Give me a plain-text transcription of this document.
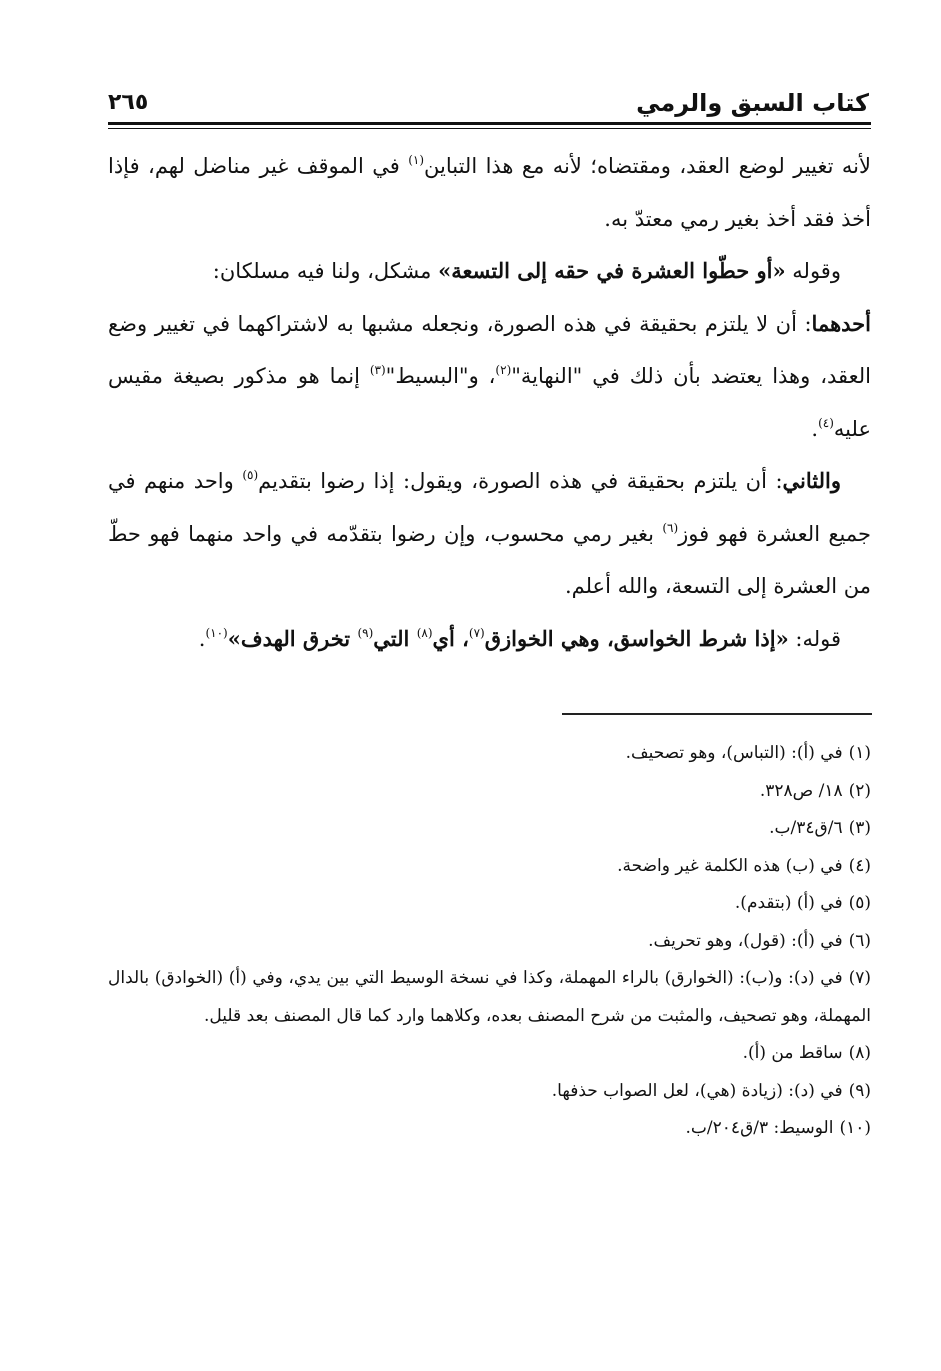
كتاب السبق والرمي
٢٦٥

لأنه تغيير لوضع العقد، ومقتضاه؛ لأنه مع هذا التباين$^{(١)}$ في الموقف غير مناضل لهم، فإذا أخذ فقد أخذ بغير رمي معتدّ به.

وقوله «أو حطّوا العشرة في حقه إلى التسعة» مشكل، ولنا فيه مسلكان:

أحدهما: أن لا يلتزم بحقيقة في هذه الصورة، ونجعله مشبها به لاشتراكهما في تغيير وضع العقد، وهذا يعتضد بأن ذلك في "النهاية"$^{(٢)}$، و"البسيط"$^{(٣)}$ إنما هو مذكور بصيغة مقيس عليه$^{(٤)}$.

والثاني: أن يلتزم بحقيقة في هذه الصورة، ويقول: إذا رضوا بتقديم$^{(٥)}$ واحد منهم في جميع العشرة فهو فوز$^{(٦)}$ بغير رمي محسوب، وإن رضوا بتقدّمه في واحد منهما فهو حطّ من العشرة إلى التسعة، والله أعلم.

قوله: «إذا شرط الخواسق، وهي الخوازق$^{(٧)}$، أي$^{(٨)}$ التي$^{(٩)}$ تخرق الهدف»$^{(١٠)}$.

(١)في (أ): (التباس)، وهو تصحيف.

(٢)١٨/ ص٣٢٨.

(٣)٦/ق٣٤/ب.

(٤)في (ب) هذه الكلمة غير واضحة.

(٥)في (أ) (بتقدم).

(٦)في (أ): (قول)، وهو تحريف.

(٧)في (د): و(ب): (الخوارق) بالراء المهملة، وكذا في نسخة الوسيط التي بين يدي، وفي (أ) (الخوادق) بالدال المهملة، وهو تصحيف، والمثبت من شرح المصنف بعده، وكلاهما وارد كما قال المصنف بعد قليل.

(٨)ساقط من (أ).

(٩)في (د): (زيادة (هي)، لعل الصواب حذفها.

(١٠)الوسيط: ٣/ق٢٠٤/ب.
